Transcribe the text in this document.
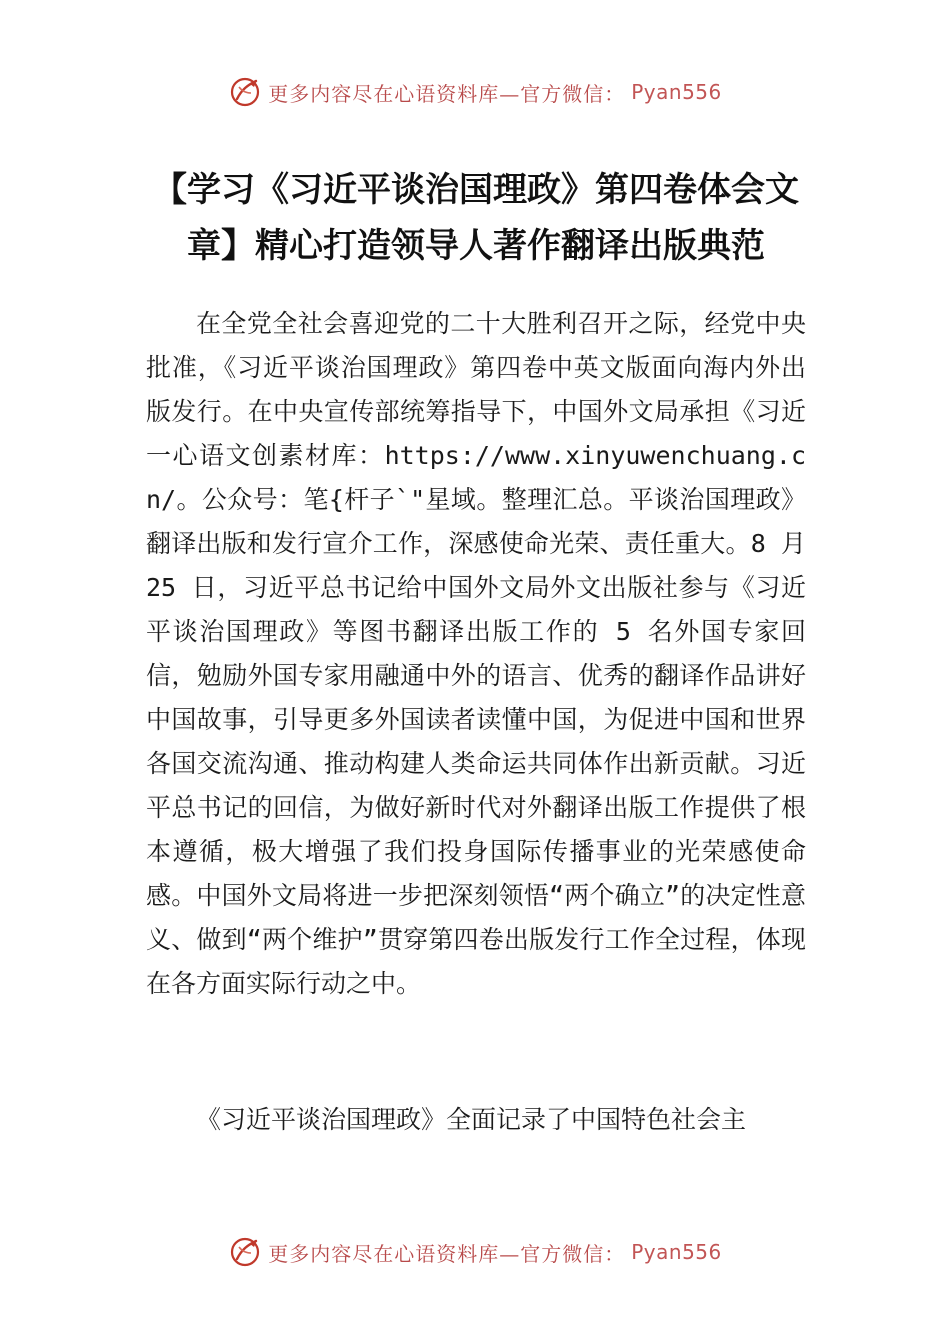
更多内容尽在心语资料库—官方微信： Pyan556
【学习《习近平谈治国理政》第四卷体会文章】精心打造领导人著作翻译出版典范

在全党全社会喜迎党的二十大胜利召开之际，经党中央批准，《习近平谈治国理政》第四卷中英文版面向海内外出版发行。在中央宣传部统筹指导下，中国外文局承担《习近一心语文创素材库：https://www.xinyuwenchuang.cn/。公众号：笔{杆子`"星域。整理汇总。平谈治国理政》翻译出版和发行宣介工作，深感使命光荣、责任重大。8 月 25 日，习近平总书记给中国外文局外文出版社参与《习近平谈治国理政》等图书翻译出版工作的 5 名外国专家回信，勉励外国专家用融通中外的语言、优秀的翻译作品讲好中国故事，引导更多外国读者读懂中国，为促进中国和世界各国交流沟通、推动构建人类命运共同体作出新贡献。习近平总书记的回信，为做好新时代对外翻译出版工作提供了根本遵循，极大增强了我们投身国际传播事业的光荣感使命感。中国外文局将进一步把深刻领悟“两个确立”的决定性意义、做到“两个维护”贯穿第四卷出版发行工作全过程，体现在各方面实际行动之中。

《习近平谈治国理政》全面记录了中国特色社会主

更多内容尽在心语资料库—官方微信： Pyan556
